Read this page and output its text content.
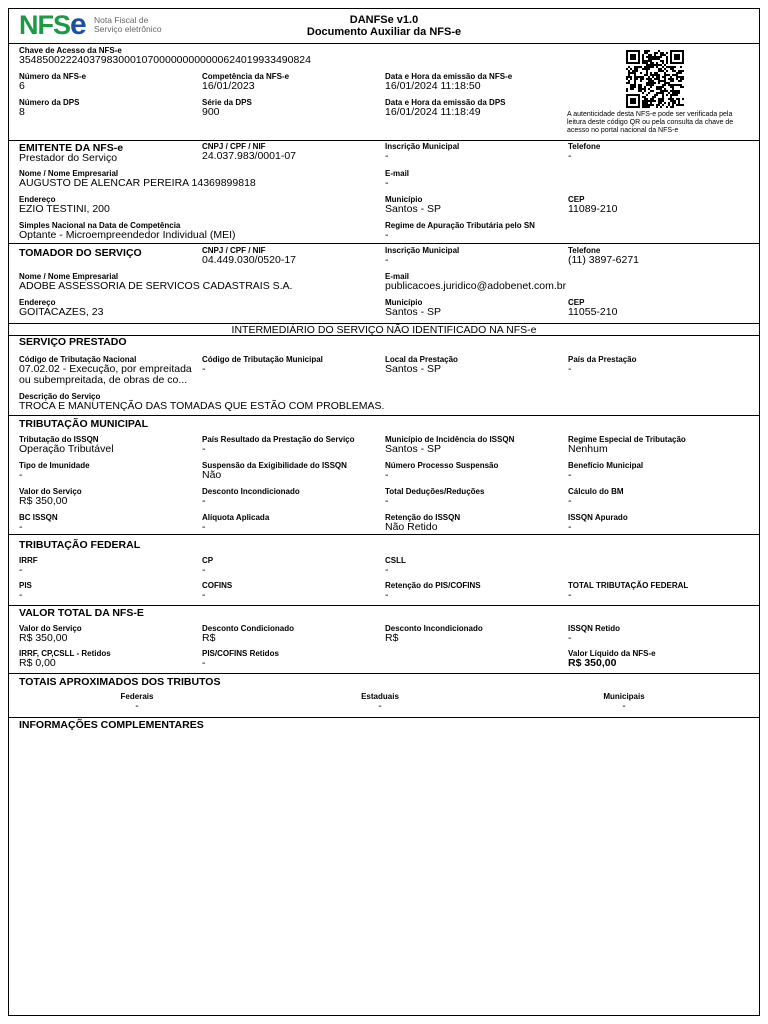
NFSe Nota Fiscal de
Serviço eletrônico
DANFSe v1.0
Documento Auxiliar da NFS-e
Chave de Acesso da NFS-e
35485002224037983000107000000000000624019933490824
Número da NFS-e
6
Competência da NFS-e
16/01/2023
Data e Hora da emissão da NFS-e
16/01/2024 11:18:50
Número da DPS
8
Série da DPS
900
Data e Hora da emissão da DPS
16/01/2024 11:18:49	A autenticidade desta NFS-e pode ser verificada pela leitura deste código QR ou pela consulta da chave de acesso no portal nacional da NFS-e
EMITENTE DA NFS-e
Prestador do Serviço
CNPJ / CPF / NIF
24.037.983/0001-07
Inscrição Municipal
-
Telefone
-
Nome / Nome Empresarial
AUGUSTO DE ALENCAR PEREIRA 14369899818
E-mail
-
Endereço
EZIO TESTINI, 200
Município
Santos - SP
CEP
11089-210
Simples Nacional na Data de Competência
Optante - Microempreendedor Individual (MEI)
Regime de Apuração Tributária pelo SN
-
TOMADOR DO SERVIÇO	CNPJ / CPF / NIF
04.449.030/0520-17
Inscrição Municipal
-
Telefone
(11) 3897-6271
Nome / Nome Empresarial
ADOBE ASSESSORIA DE SERVICOS CADASTRAIS S.A.
E-mail
publicacoes.juridico@adobenet.com.br
Endereço
GOITACAZES, 23
Município
Santos - SP
CEP
11055-210
INTERMEDIÁRIO DO SERVIÇO NÃO IDENTIFICADO NA NFS-e
SERVIÇO PRESTADO
Código de Tributação Nacional
07.02.02 - Execução, por empreitada ou subempreitada, de obras de co...
Código de Tributação Municipal
-
Local da Prestação
Santos - SP
País da Prestação
-
Descrição do Serviço
TROCA E MANUTENÇÃO DAS TOMADAS QUE ESTÃO COM PROBLEMAS.
TRIBUTAÇÃO MUNICIPAL
Tributação do ISSQN
Operação Tributável
País Resultado da Prestação do Serviço
-
Município de Incidência do ISSQN
Santos - SP
Regime Especial de Tributação
Nenhum
Tipo de Imunidade
-
Suspensão da Exigibilidade do ISSQN
Não
Número Processo Suspensão
-
Benefício Municipal
-
Valor do Serviço
R$ 350,00
Desconto Incondicionado
-
Total Deduções/Reduções
-
Cálculo do BM
-
BC ISSQN
-
Alíquota Aplicada
-
Retenção do ISSQN
Não Retido
ISSQN Apurado
-
TRIBUTAÇÃO FEDERAL
IRRF
-
CP
-
CSLL
-
PIS
-
COFINS
-
Retenção do PIS/COFINS
-
TOTAL TRIBUTAÇÃO FEDERAL
-
VALOR TOTAL DA NFS-E
Valor do Serviço
R$ 350,00
Desconto Condicionado
R$
Desconto Incondicionado
R$
ISSQN Retido
-
IRRF, CP,CSLL - Retidos
R$ 0,00
PIS/COFINS Retidos
-
Valor Líquido da NFS-e
R$ 350,00
TOTAIS APROXIMADOS DOS TRIBUTOS
Federais
-
Estaduais
-
Municipais
-
INFORMAÇÕES COMPLEMENTARES
